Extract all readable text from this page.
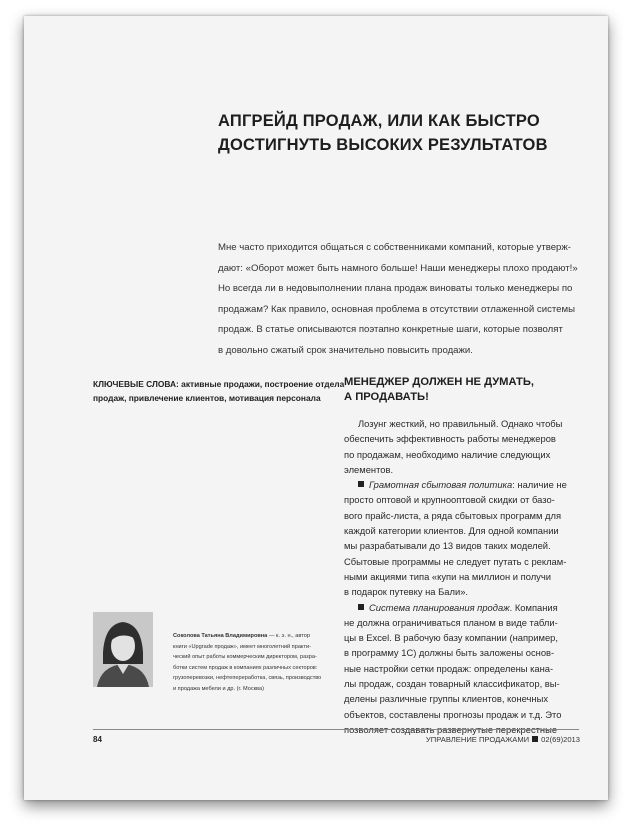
АПГРЕЙД ПРОДАЖ, ИЛИ КАК БЫСТРО
ДОСТИГНУТЬ ВЫСОКИХ РЕЗУЛЬТАТОВ
Мне часто приходится общаться с собственниками компаний, которые утверж-
дают: «Оборот может быть намного больше! Наши менеджеры плохо продают!»
Но всегда ли в недовыполнении плана продаж виноваты только менеджеры по
продажам? Как правило, основная проблема в отсутствии отлаженной системы
продаж. В статье описываются поэтапно конкретные шаги, которые позволят
в довольно сжатый срок значительно повысить продажи.
КЛЮЧЕВЫЕ СЛОВА: активные продажи, построение отдела
продаж, привлечение клиентов, мотивация персонала
МЕНЕДЖЕР ДОЛЖЕН НЕ ДУМАТЬ,
А ПРОДАВАТЬ!
Лозунг жесткий, но правильный. Однако чтобы
обеспечить эффективность работы менеджеров
по продажам, необходимо наличие следующих
элементов.
Грамотная сбытовая политика: наличие не
просто оптовой и крупнооптовой скидки от базо-
вого прайс-листа, а ряда сбытовых программ для
каждой категории клиентов. Для одной компании
мы разрабатывали до 13 видов таких моделей.
Сбытовые программы не следует путать с реклам-
ными акциями типа «купи на миллион и получи
в подарок путевку на Бали».
Система планирования продаж. Компания
не должна ограничиваться планом в виде табли-
цы в Excel. В рабочую базу компании (например,
в программу 1С) должны быть заложены основ-
ные настройки сетки продаж: определены кана-
лы продаж, создан товарный классификатор, вы-
делены различные группы клиентов, конечных
объектов, составлены прогнозы продаж и т.д. Это
Соколова Татьяна Владимировна — к. э. н., автор
книги «Upgrade продаж», имеет многолетний практи-
ческий опыт работы коммерческим директором, разра-
ботки систем продаж в компаниях различных секторов:
грузоперевозки, нефтепереработка, связь, производство
и продажа мебели и др. (г. Москва)
84	УПРАВЛЕНИЕ ПРОДАЖАМИ 02(69)2013
